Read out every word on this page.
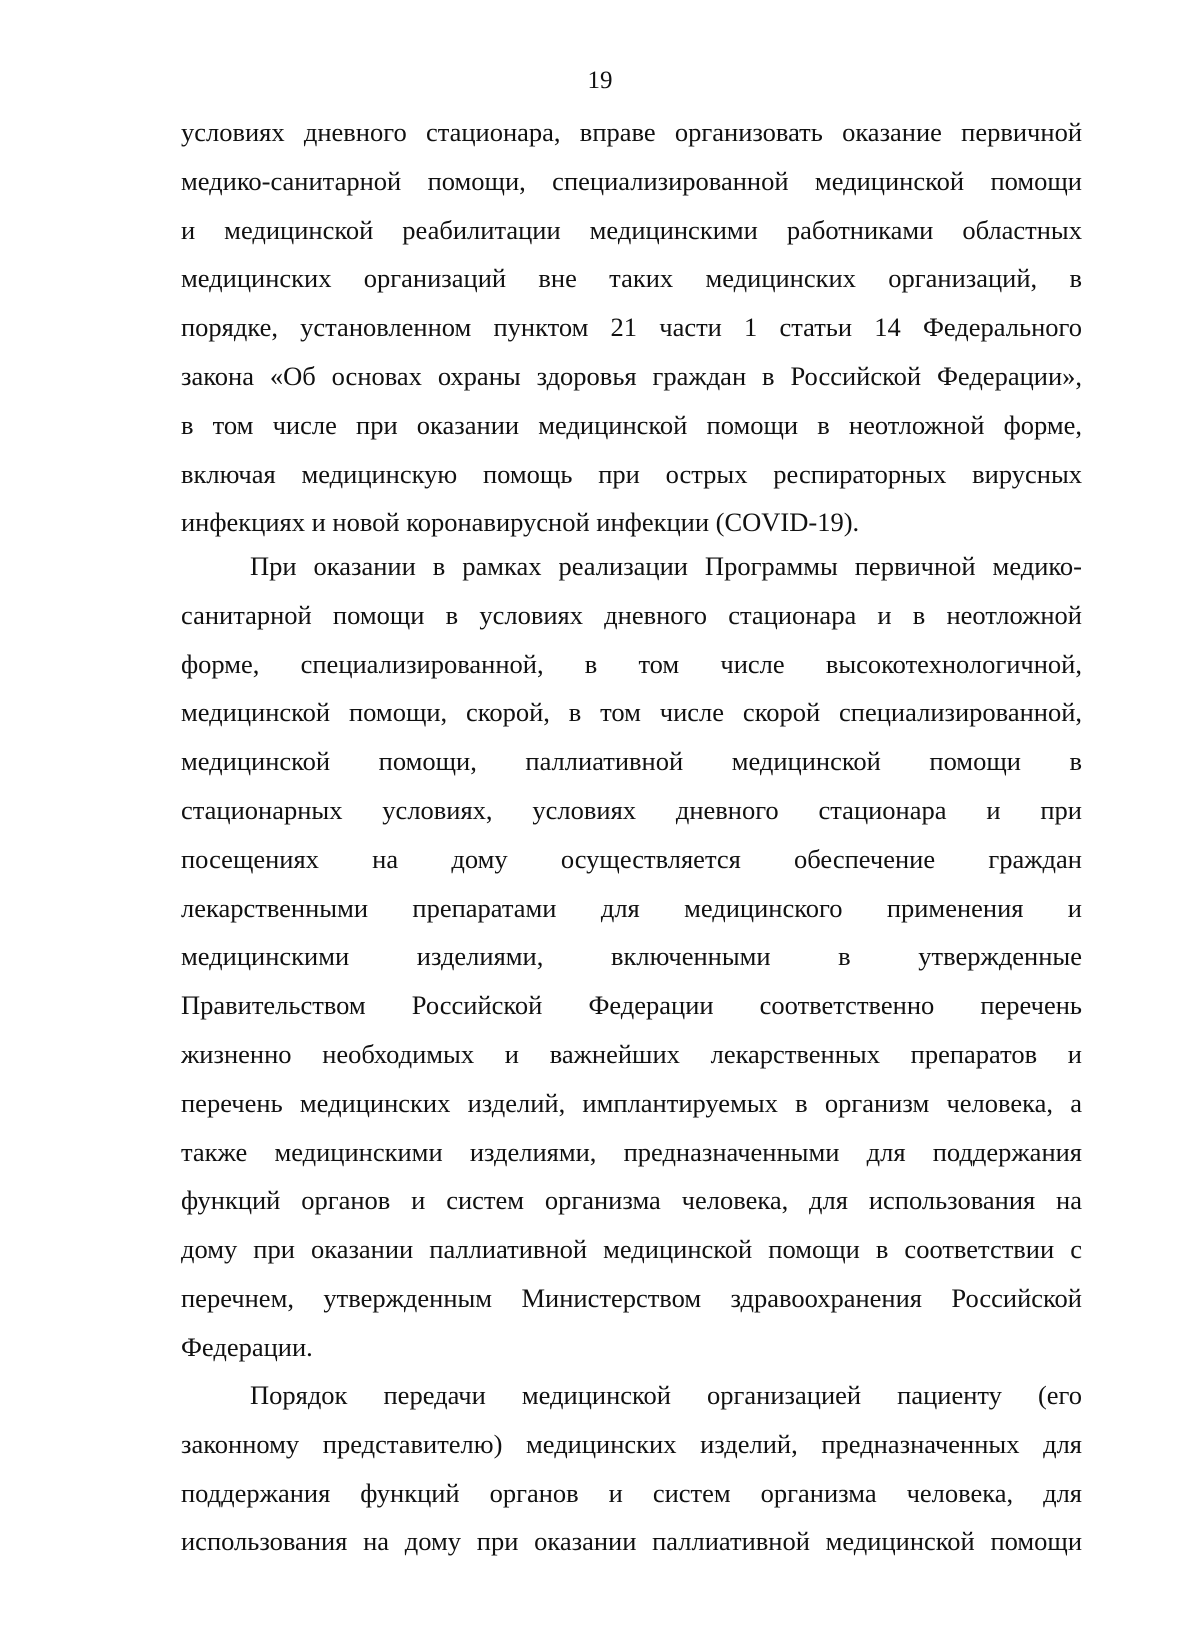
19
условиях дневного стационара, вправе организовать оказание первичной
медико-санитарной помощи, специализированной медицинской помощи
и медицинской реабилитации медицинскими работниками областных
медицинских организаций вне таких медицинских организаций, в
порядке, установленном пунктом 21 части 1 статьи 14 Федерального
закона «Об основах охраны здоровья граждан в Российской Федерации»,
в том числе при оказании медицинской помощи в неотложной форме,
включая медицинскую помощь при острых респираторных вирусных
инфекциях и новой коронавирусной инфекции (COVID-19).
При оказании в рамках реализации Программы первичной медико-
санитарной помощи в условиях дневного стационара и в неотложной
форме, специализированной, в том числе высокотехнологичной,
медицинской помощи, скорой, в том числе скорой специализированной,
медицинской помощи, паллиативной медицинской помощи в
стационарных условиях, условиях дневного стационара и при
посещениях на дому осуществляется обеспечение граждан
лекарственными препаратами для медицинского применения и
медицинскими изделиями, включенными в утвержденные
Правительством Российской Федерации соответственно перечень
жизненно необходимых и важнейших лекарственных препаратов и
перечень медицинских изделий, имплантируемых в организм человека, а
также медицинскими изделиями, предназначенными для поддержания
функций органов и систем организма человека, для использования на
дому при оказании паллиативной медицинской помощи в соответствии с
перечнем, утвержденным Министерством здравоохранения Российской
Федерации.
Порядок передачи медицинской организацией пациенту (его
законному представителю) медицинских изделий, предназначенных для
поддержания функций органов и систем организма человека, для
использования на дому при оказании паллиативной медицинской помощи
